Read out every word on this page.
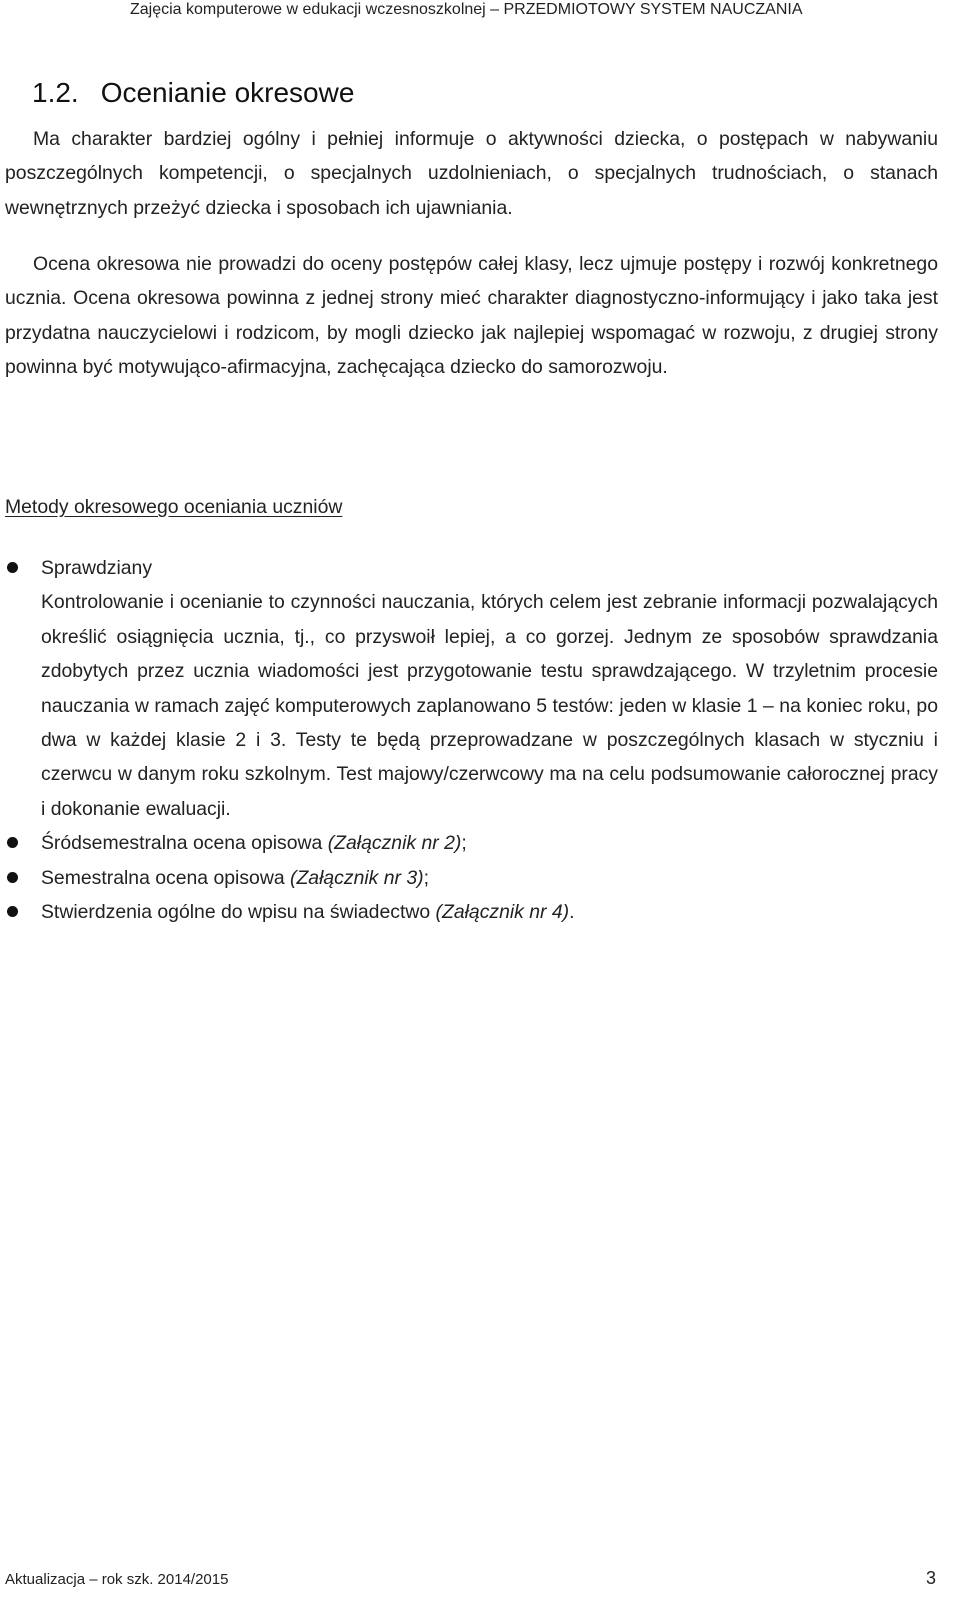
Zajęcia komputerowe w edukacji wczesnoszkolnej – PRZEDMIOTOWY SYSTEM NAUCZANIA
1.2. Ocenianie okresowe

Ma charakter bardziej ogólny i pełniej informuje o aktywności dziecka, o postępach w nabywaniu poszczególnych kompetencji, o specjalnych uzdolnieniach, o specjalnych trudnościach, o stanach wewnętrznych przeżyć dziecka i sposobach ich ujawniania.

Ocena okresowa nie prowadzi do oceny postępów całej klasy, lecz ujmuje postępy i rozwój konkretnego ucznia. Ocena okresowa powinna z jednej strony mieć charakter diagnostyczno-informujący i jako taka jest przydatna nauczycielowi i rodzicom, by mogli dziecko jak najlepiej wspomagać w rozwoju, z drugiej strony powinna być motywująco-afirmacyjna, zachęcająca dziecko do samorozwoju.

Metody okresowego oceniania uczniów
Sprawdziany
Kontrolowanie i ocenianie to czynności nauczania, których celem jest zebranie informacji pozwalających określić osiągnięcia ucznia, tj., co przyswoił lepiej, a co gorzej. Jednym ze sposobów sprawdzania zdobytych przez ucznia wiadomości jest przygotowanie testu sprawdzającego. W trzyletnim procesie nauczania w ramach zajęć komputerowych zaplanowano 5 testów: jeden w klasie 1 – na koniec roku, po dwa w każdej klasie 2 i 3. Testy te będą przeprowadzane w poszczególnych klasach w styczniu i czerwcu w danym roku szkolnym. Test majowy/czerwcowy ma na celu podsumowanie całorocznej pracy i dokonanie ewaluacji.
Śródsemestralna ocena opisowa (Załącznik nr 2);
Semestralna ocena opisowa (Załącznik nr 3);
Stwierdzenia ogólne do wpisu na świadectwo (Załącznik nr 4).
Aktualizacja – rok szk. 2014/2015	3
